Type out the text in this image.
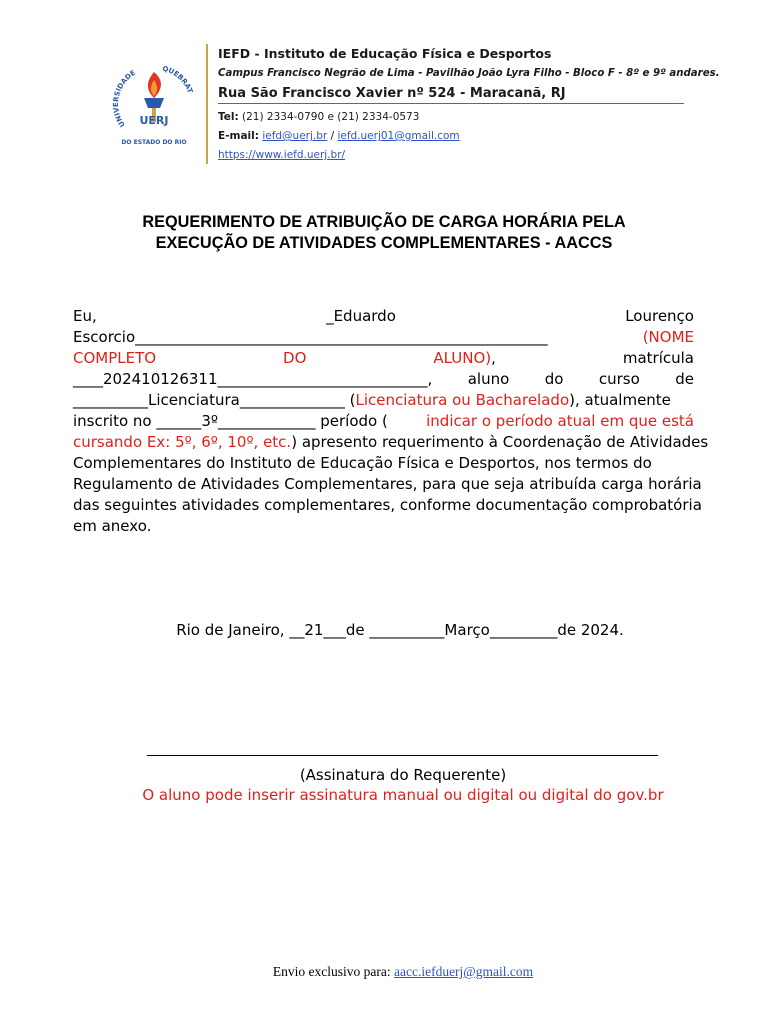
UNIVERSIDADE	QUEBRAT
DO ESTADO DO RIO
UERJ
IEFD - Instituto de Educação Física e Desportos
Campus Francisco Negrão de Lima - Pavilhão João Lyra Filho - Bloco F - 8º e 9º andares.
Rua São Francisco Xavier nº 524 - Maracanã, RJ
Tel: (21) 2334-0790 e (21) 2334-0573
E-mail: iefd@uerj.br / iefd.uerj01@gmail.com
https://www.iefd.uerj.br/
REQUERIMENTO DE ATRIBUIÇÃO DE CARGA HORÁRIA PELA
EXECUÇÃO DE ATIVIDADES COMPLEMENTARES - AACCS
Eu,	_Eduardo	Lourenço
Escorcio_______________________________________________________	(NOME
COMPLETO	DO	ALUNO),	matrícula
____202410126311____________________________, aluno do curso de
__________Licenciatura______________ (Licenciatura ou Bacharelado), atualmente
inscrito no ______3º_____________ período (	indicar o período atual em que está
cursando Ex: 5º, 6º, 10º, etc. ) apresento requerimento à Coordenação de Atividades
Complementares do Instituto de Educação Física e Desportos, nos termos do
Regulamento de Atividades Complementares, para que seja atribuída carga horária
das seguintes atividades complementares, conforme documentação comprobatória
em anexo.
Rio de Janeiro, __21___de __________Março_________de 2024.
(Assinatura do Requerente)
O aluno pode inserir assinatura manual ou digital ou digital do gov.br
Envio exclusivo para: aacc.iefduerj@gmail.com
